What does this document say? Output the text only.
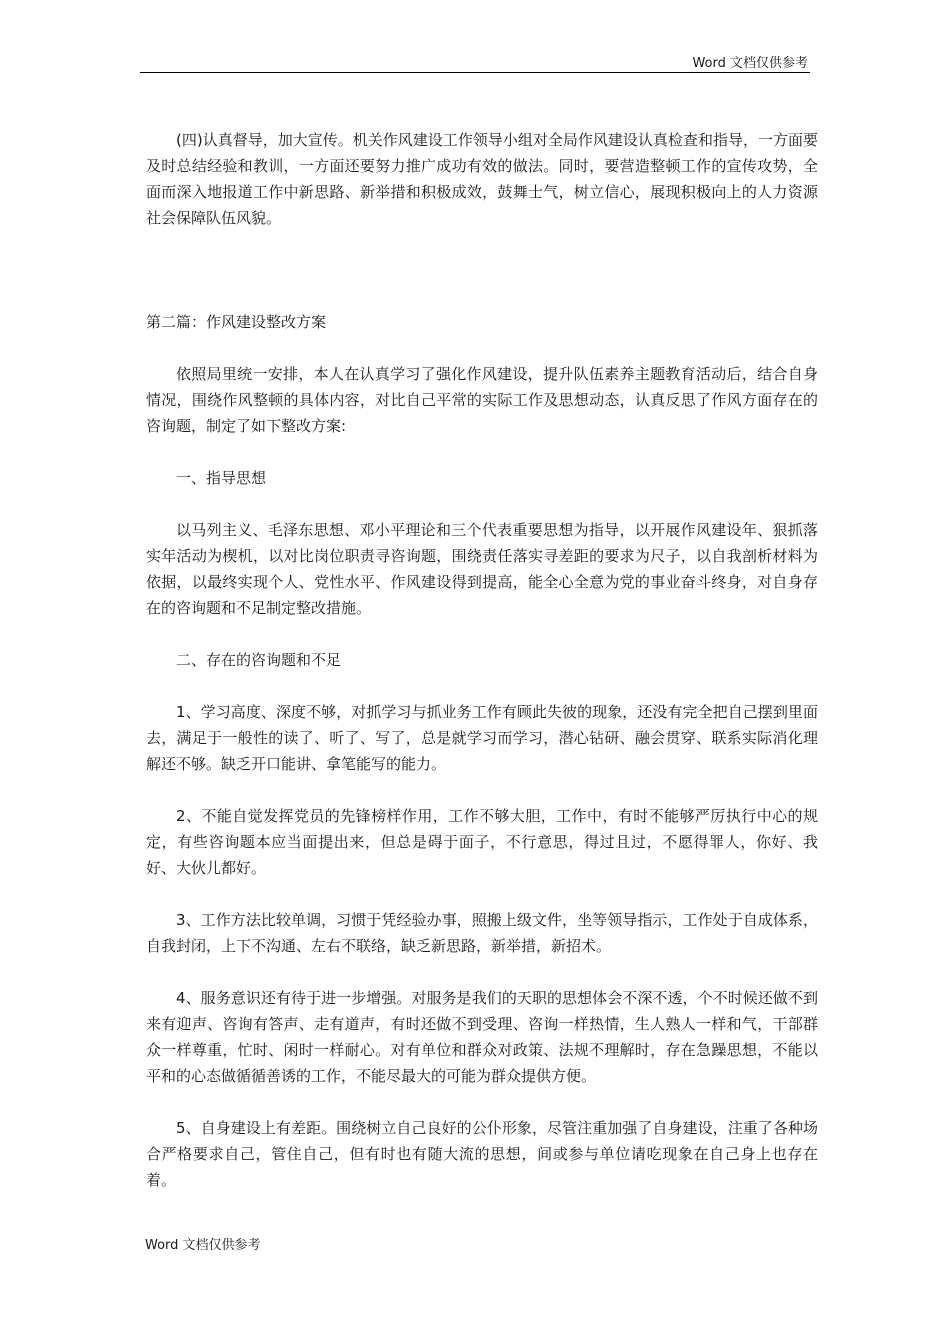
Word 文档仅供参考

(四)认真督导，加大宣传。机关作风建设工作领导小组对全局作风建设认真检查和指导，一方面要及时总结经验和教训，一方面还要努力推广成功有效的做法。同时，要营造整顿工作的宣传攻势，全面而深入地报道工作中新思路、新举措和积极成效，鼓舞士气，树立信心，展现积极向上的人力资源社会保障队伍风貌。

第二篇：作风建设整改方案

依照局里统一安排，本人在认真学习了强化作风建设，提升队伍素养主题教育活动后，结合自身情况，围绕作风整顿的具体内容，对比自己平常的实际工作及思想动态，认真反思了作风方面存在的咨询题，制定了如下整改方案:

一、指导思想

以马列主义、毛泽东思想、邓小平理论和三个代表重要思想为指导，以开展作风建设年、狠抓落实年活动为楔机，以对比岗位职责寻咨询题，围绕责任落实寻差距的要求为尺子，以自我剖析材料为依据，以最终实现个人、党性水平、作风建设得到提高，能全心全意为党的事业奋斗终身，对自身存在的咨询题和不足制定整改措施。

二、存在的咨询题和不足

1、学习高度、深度不够，对抓学习与抓业务工作有顾此失彼的现象，还没有完全把自己摆到里面去，满足于一般性的读了、听了、写了，总是就学习而学习，潜心钻研、融会贯穿、联系实际消化理解还不够。缺乏开口能讲、拿笔能写的能力。

2、不能自觉发挥党员的先锋榜样作用，工作不够大胆，工作中，有时不能够严厉执行中心的规定，有些咨询题本应当面提出来，但总是碍于面子，不行意思，得过且过，不愿得罪人，你好、我好、大伙儿都好。

3、工作方法比较单调，习惯于凭经验办事，照搬上级文件，坐等领导指示，工作处于自成体系，自我封闭，上下不沟通、左右不联络，缺乏新思路，新举措，新招术。

4、服务意识还有待于进一步增强。对服务是我们的天职的思想体会不深不透，个不时候还做不到来有迎声、咨询有答声、走有道声，有时还做不到受理、咨询一样热情，生人熟人一样和气，干部群众一样尊重，忙时、闲时一样耐心。对有单位和群众对政策、法规不理解时，存在急躁思想，不能以平和的心态做循循善诱的工作，不能尽最大的可能为群众提供方便。

5、自身建设上有差距。围绕树立自己良好的公仆形象，尽管注重加强了自身建设，注重了各种场合严格要求自己，管住自己，但有时也有随大流的思想，间或参与单位请吃现象在自己身上也存在着。

Word 文档仅供参考
